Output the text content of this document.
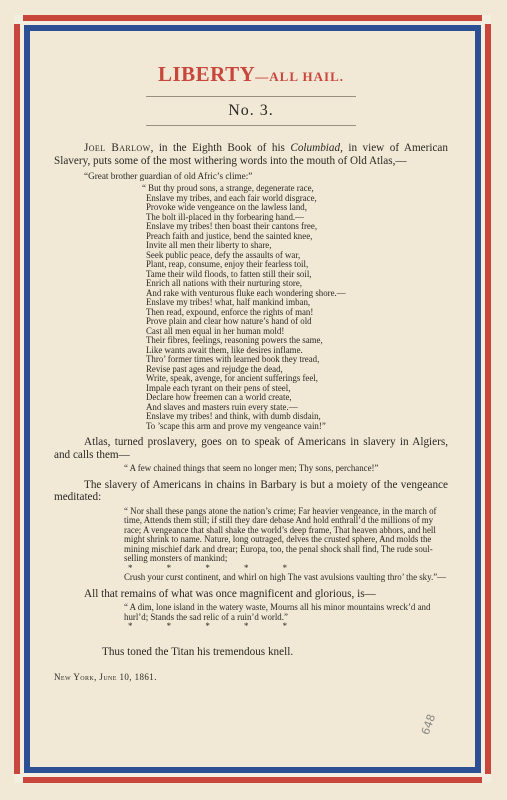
LIBERTY—ALL HAIL.
No. 3.

Joel Barlow, in the Eighth Book of his Columbiad, in view of American Slavery, puts some of the most withering words into the mouth of Old Atlas,—

“Great brother guardian of old Afric’s clime:”
“ But thy proud sons, a strange, degenerate race,
Enslave my tribes, and each fair world disgrace,
Provoke wide vengeance on the lawless land,
The bolt ill-placed in thy forbearing hand.—
Enslave my tribes! then boast their cantons free,
Preach faith and justice, bend the sainted knee,
Invite all men their liberty to share,
Seek public peace, defy the assaults of war,
Plant, reap, consume, enjoy their fearless toil,
Tame their wild floods, to fatten still their soil,
Enrich all nations with their nurturing store,
And rake with venturous fluke each wondering shore.—
Enslave my tribes! what, half mankind imban,
Then read, expound, enforce the rights of man!
Prove plain and clear how nature’s hand of old
Cast all men equal in her human mold!
Their fibres, feelings, reasoning powers the same,
Like wants await them, like desires inflame.
Thro’ former times with learned book they tread,
Revise past ages and rejudge the dead,
Write, speak, avenge, for ancient sufferings feel,
Impale each tyrant on their pens of steel,
Declare how freemen can a world create,
And slaves and masters ruin every state.—
Enslave my tribes! and think, with dumb disdain,
To ’scape this arm and prove my vengeance vain!”

Atlas, turned proslavery, goes on to speak of Americans in slavery in Algiers, and calls them—

“ A few chained things that seem no longer men; Thy sons, perchance!”

The slavery of Americans in chains in Barbary is but a moiety of the vengeance meditated:

“ Nor shall these pangs atone the nation’s crime; Far heavier vengeance, in the march of time, Attends them still; if still they dare debase And hold enthrall’d the millions of my race; A vengeance that shall shake the world’s deep frame, That heaven abhors, and hell might shrink to name. Nature, long outraged, delves the crusted sphere, And molds the mining mischief dark and drear; Europa, too, the penal shock shall find, The rude soul-selling monsters of mankind;
* * * * *
Crush your curst continent, and whirl on high The vast avulsions vaulting thro’ the sky.”—

All that remains of what was once magnificent and glorious, is—

“ A dim, lone island in the watery waste, Mourns all his minor mountains wreck’d and hurl’d; Stands the sad relic of a ruin’d world.”
* * * * *

Thus toned the Titan his tremendous knell.

New York, June 10, 1861.
648
